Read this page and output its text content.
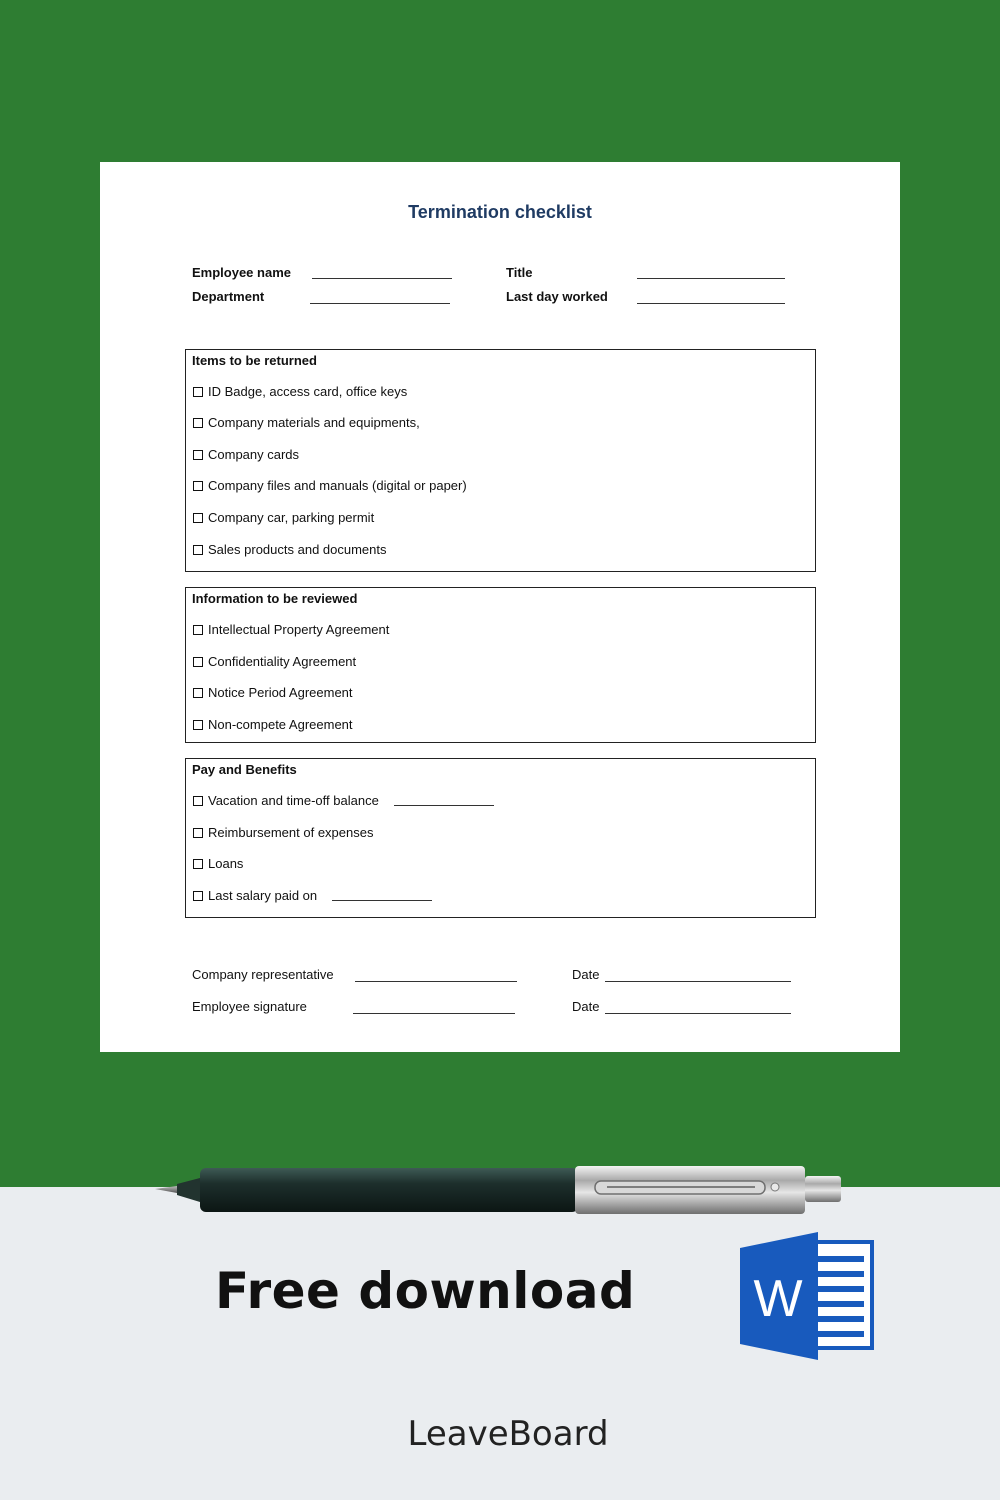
Termination checklist
Employee name
Department
Title
Last day worked
Items to be returned
ID Badge, access card, office keys
Company materials and equipments,
Company cards
Company files and manuals (digital or paper)
Company car, parking permit
Sales products and documents
Information to be reviewed
Intellectual Property Agreement
Confidentiality Agreement
Notice Period Agreement
Non-compete Agreement
Pay and Benefits
Vacation and time-off balance
Reimbursement of expenses
Loans
Last salary paid on
Company representative	Date
Employee signature	Date
Free download W
LeaveBoard
